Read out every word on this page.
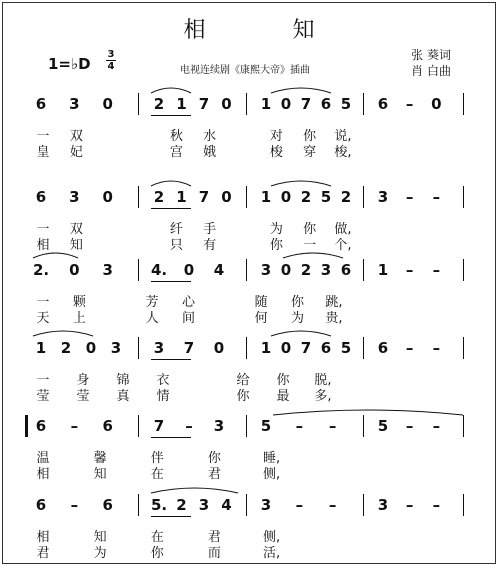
相 知
1=♭D
3
4	电视连续剧《康熙大帝》插曲
张 葵词
肖 白曲
6 3 0	2 1 7 0 1 0 7 6 5 6 – 0
一 双	秋 水	对 你 说,
皇 妃	宫 娥	梭 穿 梭,
6 3 0	2 1 7 0 1 0 2 5 2 3 – –
一 双	纤 手	为 你 做,
相 知	只 有	你 一 个,
2. 0 3	4. 0 4 3 0 2 3 6 1 – –
一 颗	芳 心	随 你 跳,
天 上	人 间	何 为 贵,
1 2 0 3 3 7 0 1 0 7 6 5 6 – –
一 身 锦 衣	给 你 脱,
莹 莹 真 情	你 最 多,
6 – 6	7 – 3 5 – –	5 – –
温	馨	伴	你	睡,
相	知	在	君	侧,
6 – 6	5. 2 3 4 3 – –	3 – –
相	知	在	君	侧,
君	为	你	而	活,
